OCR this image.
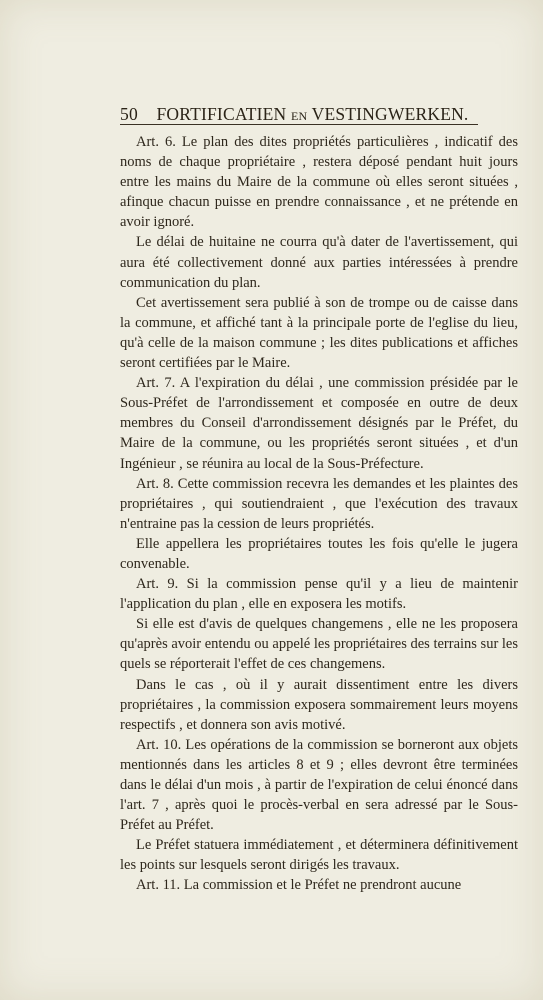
50 FORTIFICATIEN EN VESTINGWERKEN.

Art. 6. Le plan des dites propriétés particulières , indicatif des noms de chaque propriétaire , restera déposé pendant huit jours entre les mains du Maire de la commune où elles seront situées , afinque chacun puisse en prendre connaissance , et ne prétende en avoir ignoré.

Le délai de huitaine ne courra qu'à dater de l'avertissement, qui aura été collectivement donné aux parties intéressées à prendre communication du plan.

Cet avertissement sera publié à son de trompe ou de caisse dans la commune, et affiché tant à la principale porte de l'eglise du lieu, qu'à celle de la maison commune ; les dites publications et affiches seront certifiées par le Maire.

Art. 7. A l'expiration du délai , une commission présidée par le Sous-Préfet de l'arrondissement et composée en outre de deux membres du Conseil d'arrondissement désignés par le Préfet, du Maire de la commune, ou les propriétés seront situées , et d'un Ingénieur , se réunira au local de la Sous-Préfecture.

Art. 8. Cette commission recevra les demandes et les plaintes des propriétaires , qui soutiendraient , que l'exécution des travaux n'entraine pas la cession de leurs propriétés.

Elle appellera les propriétaires toutes les fois qu'elle le jugera convenable.

Art. 9. Si la commission pense qu'il y a lieu de maintenir l'application du plan , elle en exposera les motifs.

Si elle est d'avis de quelques changemens , elle ne les proposera qu'après avoir entendu ou appelé les propriétaires des terrains sur les quels se réporterait l'effet de ces changemens.

Dans le cas , où il y aurait dissentiment entre les divers propriétaires , la commission exposera sommairement leurs moyens respectifs , et donnera son avis motivé.

Art. 10. Les opérations de la commission se borneront aux objets mentionnés dans les articles 8 et 9 ; elles devront être terminées dans le délai d'un mois , à partir de l'expiration de celui énoncé dans l'art. 7 , après quoi le procès-verbal en sera adressé par le Sous-Préfet au Préfet.

Le Préfet statuera immédiatement , et déterminera définitivement les points sur lesquels seront dirigés les travaux.

Art. 11. La commission et le Préfet ne prendront aucune
